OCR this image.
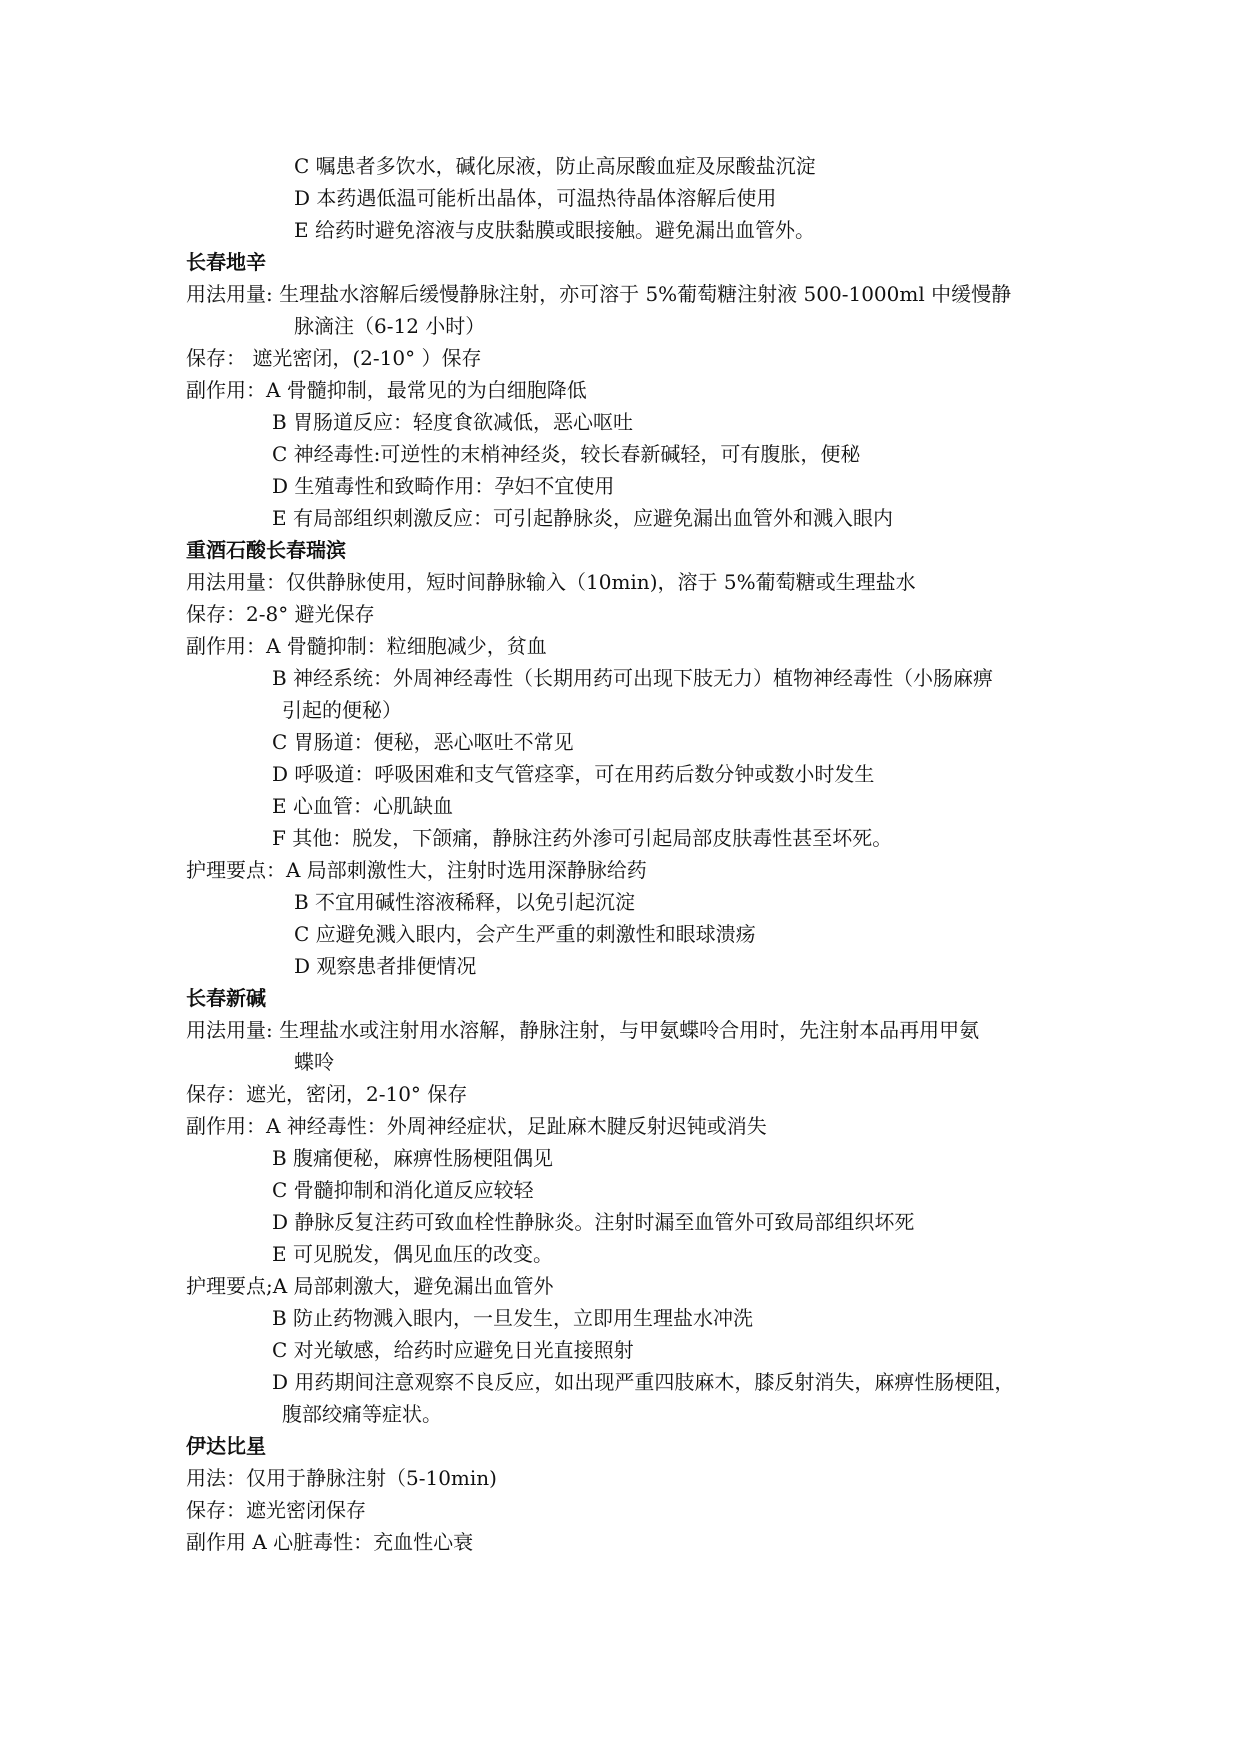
C 嘱患者多饮水，碱化尿液，防止高尿酸血症及尿酸盐沉淀
D 本药遇低温可能析出晶体，可温热待晶体溶解后使用
E 给药时避免溶液与皮肤黏膜或眼接触。避免漏出血管外。
长春地辛
用法用量: 生理盐水溶解后缓慢静脉注射，亦可溶于 5%葡萄糖注射液 500-1000ml 中缓慢静
脉滴注（6-12 小时）
保存： 遮光密闭，(2-10° ）保存
副作用：A 骨髓抑制，最常见的为白细胞降低
B 胃肠道反应：轻度食欲减低，恶心呕吐
C 神经毒性:可逆性的末梢神经炎，较长春新碱轻，可有腹胀，便秘
D 生殖毒性和致畸作用：孕妇不宜使用
E 有局部组织刺激反应：可引起静脉炎，应避免漏出血管外和溅入眼内
重酒石酸长春瑞滨
用法用量：仅供静脉使用，短时间静脉输入（10min)，溶于 5%葡萄糖或生理盐水
保存：2-8° 避光保存
副作用：A 骨髓抑制：粒细胞减少，贫血
B 神经系统：外周神经毒性（长期用药可出现下肢无力）植物神经毒性（小肠麻痹
引起的便秘）
C 胃肠道：便秘，恶心呕吐不常见
D 呼吸道：呼吸困难和支气管痉挛，可在用药后数分钟或数小时发生
E 心血管：心肌缺血
F 其他：脱发，下颌痛，静脉注药外渗可引起局部皮肤毒性甚至坏死。
护理要点：A 局部刺激性大，注射时选用深静脉给药
B 不宜用碱性溶液稀释，以免引起沉淀
C 应避免溅入眼内，会产生严重的刺激性和眼球溃疡
D 观察患者排便情况
长春新碱
用法用量: 生理盐水或注射用水溶解，静脉注射，与甲氨蝶呤合用时，先注射本品再用甲氨
蝶呤
保存：遮光，密闭，2-10° 保存
副作用：A 神经毒性：外周神经症状，足趾麻木腱反射迟钝或消失
B 腹痛便秘，麻痹性肠梗阻偶见
C 骨髓抑制和消化道反应较轻
D 静脉反复注药可致血栓性静脉炎。注射时漏至血管外可致局部组织坏死
E 可见脱发，偶见血压的改变。
护理要点;A 局部刺激大，避免漏出血管外
B 防止药物溅入眼内，一旦发生，立即用生理盐水冲洗
C 对光敏感，给药时应避免日光直接照射
D 用药期间注意观察不良反应，如出现严重四肢麻木，膝反射消失，麻痹性肠梗阻，
腹部绞痛等症状。
伊达比星
用法：仅用于静脉注射（5-10min)
保存：遮光密闭保存
副作用 A 心脏毒性：充血性心衰
